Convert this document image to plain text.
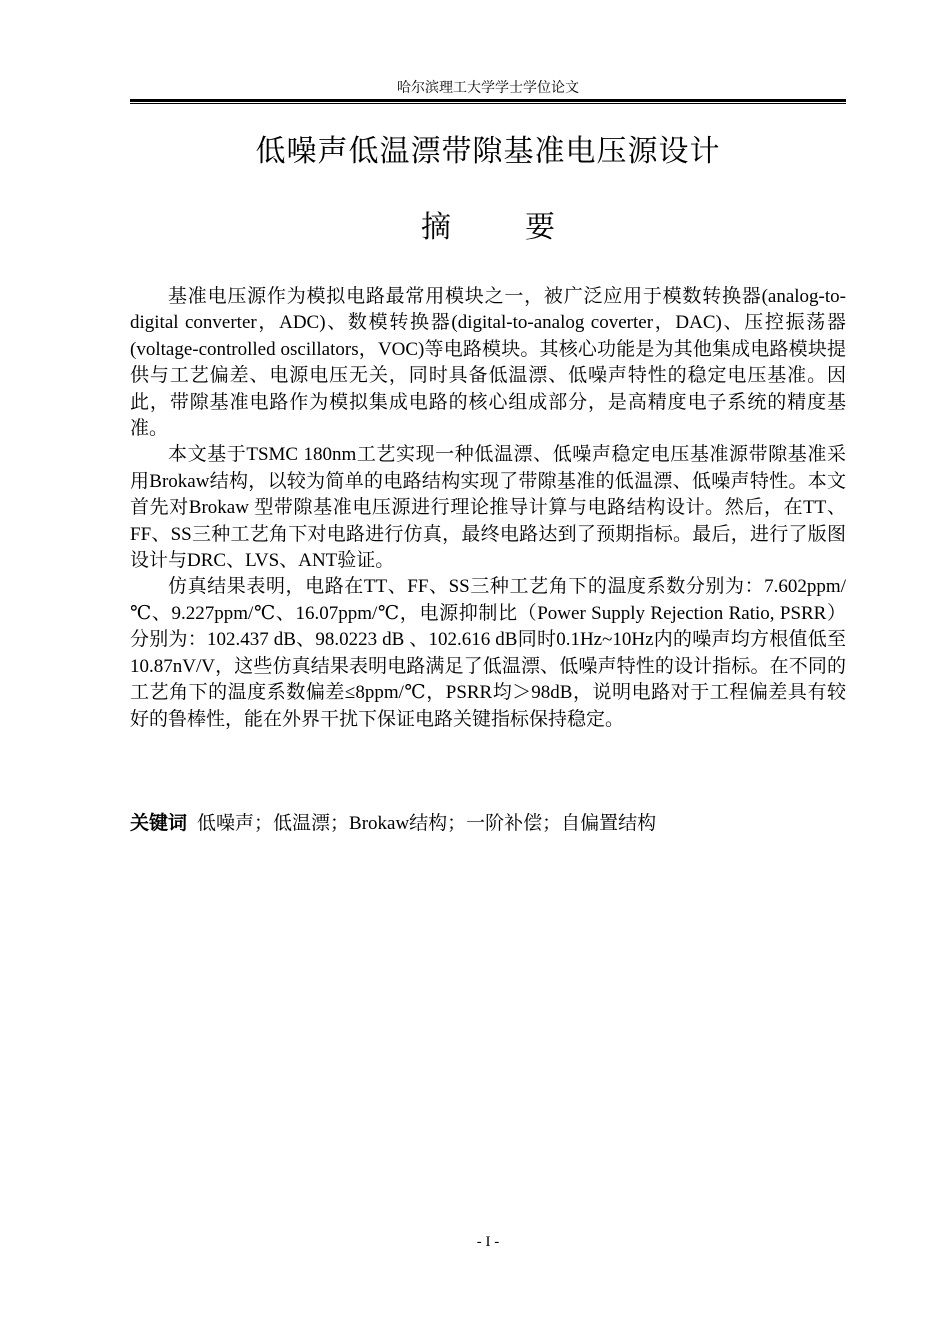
哈尔滨理工大学学士学位论文
低噪声低温漂带隙基准电压源设计
摘　要

基准电压源作为模拟电路最常用模块之一，被广泛应用于模数转换器(analog-to-digital converter，ADC)、数模转换器(digital-to-analog coverter，DAC)、压控振荡器(voltage-controlled oscillators，VOC)等电路模块。其核心功能是为其他集成电路模块提供与工艺偏差、电源电压无关，同时具备低温漂、低噪声特性的稳定电压基准。因此，带隙基准电路作为模拟集成电路的核心组成部分，是高精度电子系统的精度基准。

本文基于TSMC 180nm工艺实现一种低温漂、低噪声稳定电压基准源带隙基准采用Brokaw结构，以较为简单的电路结构实现了带隙基准的低温漂、低噪声特性。本文首先对Brokaw 型带隙基准电压源进行理论推导计算与电路结构设计。然后，在TT、FF、SS三种工艺角下对电路进行仿真，最终电路达到了预期指标。最后，进行了版图设计与DRC、LVS、ANT验证。

仿真结果表明，电路在TT、FF、SS三种工艺角下的温度系数分别为：7.602ppm/℃、9.227ppm/℃、16.07ppm/℃，电源抑制比（Power Supply Rejection Ratio, PSRR）分别为：102.437 dB、98.0223 dB 、102.616 dB同时0.1Hz~10Hz内的噪声均方根值低至10.87nV/V，这些仿真结果表明电路满足了低温漂、低噪声特性的设计指标。在不同的工艺角下的温度系数偏差≤8ppm/℃，PSRR均＞98dB，说明电路对于工程偏差具有较好的鲁棒性，能在外界干扰下保证电路关键指标保持稳定。

关键词 低噪声；低温漂；Brokaw结构；一阶补偿；自偏置结构
- I -
